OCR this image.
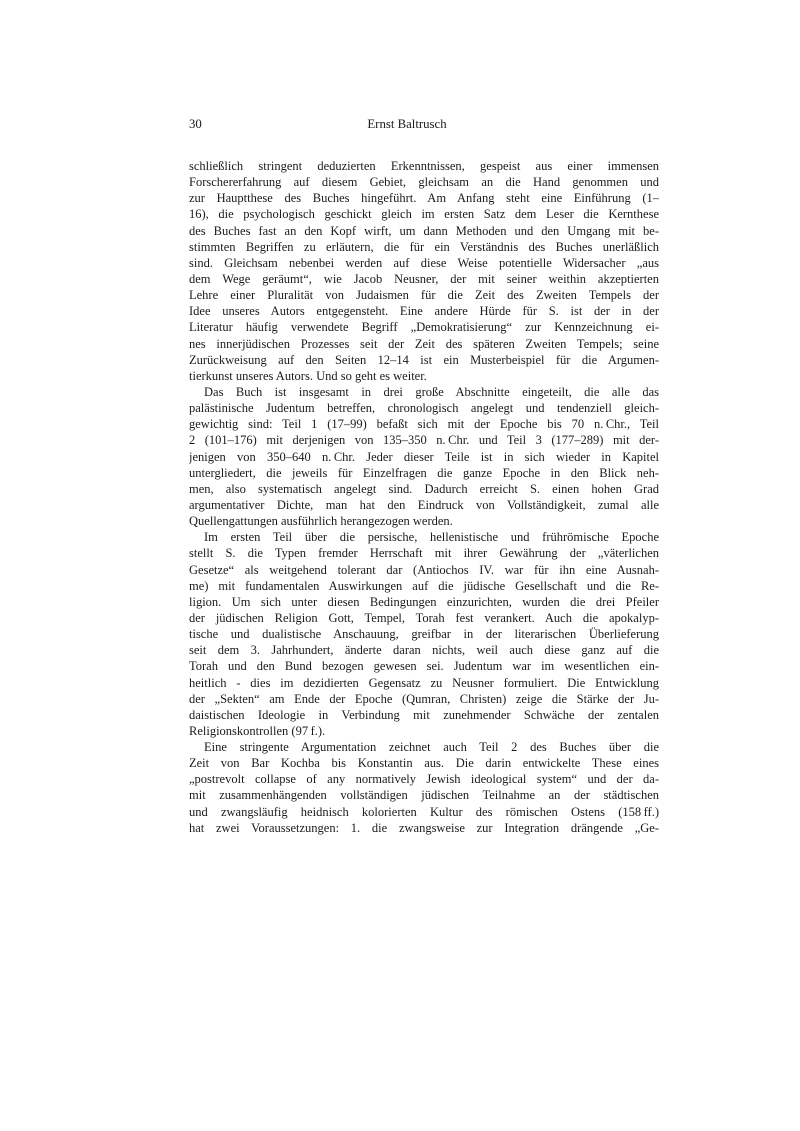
30	Ernst Baltrusch
schließlich stringent deduzierten Erkenntnissen, gespeist aus einer immensen
Forschererfahrung auf diesem Gebiet, gleichsam an die Hand genommen und
zur Hauptthese des Buches hingeführt. Am Anfang steht eine Einführung (1–
16), die psychologisch geschickt gleich im ersten Satz dem Leser die Kernthese
des Buches fast an den Kopf wirft, um dann Methoden und den Umgang mit be-
stimmten Begriffen zu erläutern, die für ein Verständnis des Buches unerläßlich
sind. Gleichsam nebenbei werden auf diese Weise potentielle Widersacher „aus
dem Wege geräumt“, wie Jacob Neusner, der mit seiner weithin akzeptierten
Lehre einer Pluralität von Judaismen für die Zeit des Zweiten Tempels der
Idee unseres Autors entgegensteht. Eine andere Hürde für S. ist der in der
Literatur häufig verwendete Begriff „Demokratisierung“ zur Kennzeichnung ei-
nes innerjüdischen Prozesses seit der Zeit des späteren Zweiten Tempels; seine
Zurückweisung auf den Seiten 12–14 ist ein Musterbeispiel für die Argumen-
tierkunst unseres Autors. Und so geht es weiter.
Das Buch ist insgesamt in drei große Abschnitte eingeteilt, die alle das
palästinische Judentum betreffen, chronologisch angelegt und tendenziell gleich-
gewichtig sind: Teil 1 (17–99) befaßt sich mit der Epoche bis 70 n. Chr., Teil
2 (101–176) mit derjenigen von 135–350 n. Chr. und Teil 3 (177–289) mit der-
jenigen von 350–640 n. Chr. Jeder dieser Teile ist in sich wieder in Kapitel
untergliedert, die jeweils für Einzelfragen die ganze Epoche in den Blick neh-
men, also systematisch angelegt sind. Dadurch erreicht S. einen hohen Grad
argumentativer Dichte, man hat den Eindruck von Vollständigkeit, zumal alle
Quellengattungen ausführlich herangezogen werden.
Im ersten Teil über die persische, hellenistische und frührömische Epoche
stellt S. die Typen fremder Herrschaft mit ihrer Gewährung der „väterlichen
Gesetze“ als weitgehend tolerant dar (Antiochos IV. war für ihn eine Ausnah-
me) mit fundamentalen Auswirkungen auf die jüdische Gesellschaft und die Re-
ligion. Um sich unter diesen Bedingungen einzurichten, wurden die drei Pfeiler
der jüdischen Religion Gott, Tempel, Torah fest verankert. Auch die apokalyp-
tische und dualistische Anschauung, greifbar in der literarischen Überlieferung
seit dem 3. Jahrhundert, änderte daran nichts, weil auch diese ganz auf die
Torah und den Bund bezogen gewesen sei. Judentum war im wesentlichen ein-
heitlich - dies im dezidierten Gegensatz zu Neusner formuliert. Die Entwicklung
der „Sekten“ am Ende der Epoche (Qumran, Christen) zeige die Stärke der Ju-
daistischen Ideologie in Verbindung mit zunehmender Schwäche der zentalen
Religionskontrollen (97 f.).
Eine stringente Argumentation zeichnet auch Teil 2 des Buches über die
Zeit von Bar Kochba bis Konstantin aus. Die darin entwickelte These eines
„postrevolt collapse of any normatively Jewish ideological system“ und der da-
mit zusammenhängenden vollständigen jüdischen Teilnahme an der städtischen
und zwangsläufig heidnisch kolorierten Kultur des römischen Ostens (158 ff.)
hat zwei Voraussetzungen: 1. die zwangsweise zur Integration drängende „Ge-
